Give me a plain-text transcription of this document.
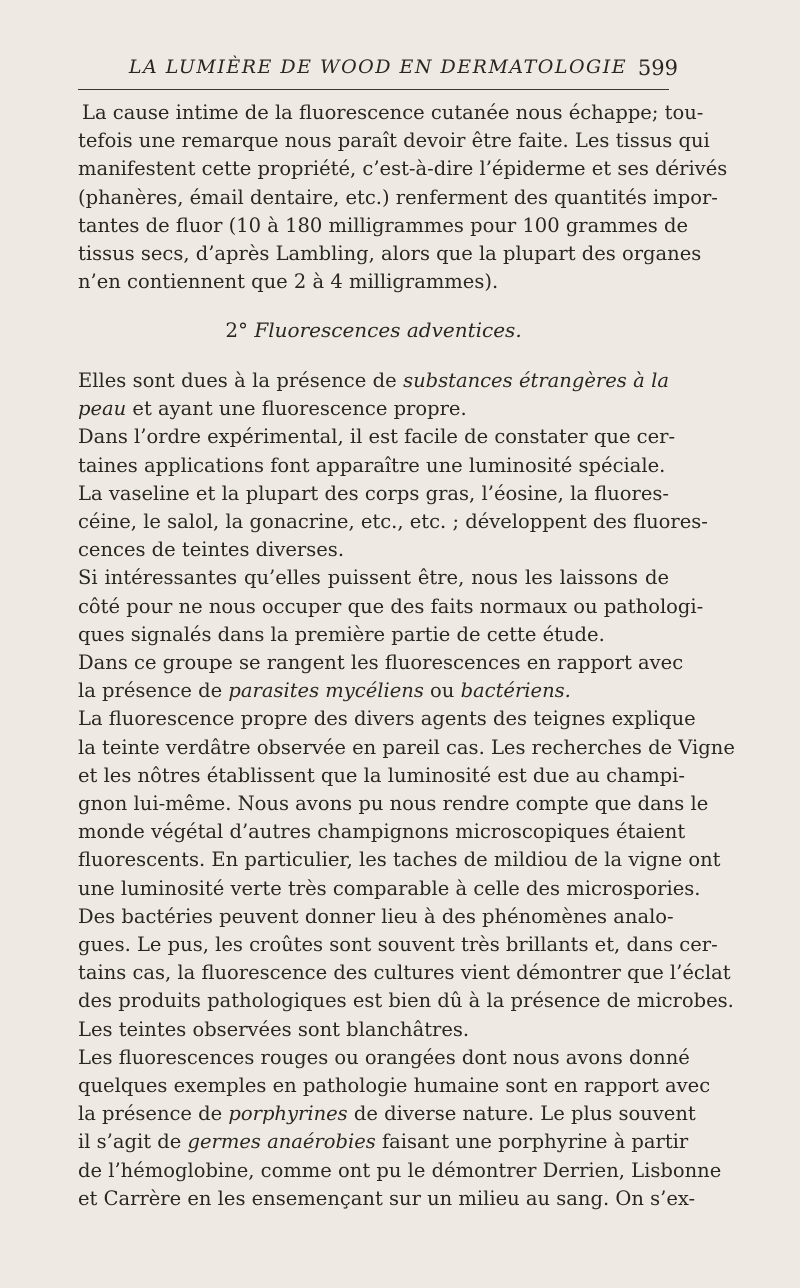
LA LUMIÈRE DE WOOD EN DERMATOLOGIE 599
La cause intime de la fluorescence cutanée nous échappe; tou-
tefois une remarque nous paraît devoir être faite. Les tissus qui
manifestent cette propriété, c’est-à-dire l’épiderme et ses dérivés
(phanères, émail dentaire, etc.) renferment des quantités impor-
tantes de fluor (10 à 180 milligrammes pour 100 grammes de
tissus secs, d’après Lambling, alors que la plupart des organes
n’en contiennent que 2 à 4 milligrammes).
2° Fluorescences adventices.
Elles sont dues à la présence de substances étrangères à la
peau et ayant une fluorescence propre.
Dans l’ordre expérimental, il est facile de constater que cer-
taines applications font apparaître une luminosité spéciale.
La vaseline et la plupart des corps gras, l’éosine, la fluores-
céine, le salol, la gonacrine, etc., etc. ; développent des fluores-
cences de teintes diverses.
Si intéressantes qu’elles puissent être, nous les laissons de
côté pour ne nous occuper que des faits normaux ou pathologi-
ques signalés dans la première partie de cette étude.
Dans ce groupe se rangent les fluorescences en rapport avec
la présence de parasites mycéliens ou bactériens.
La fluorescence propre des divers agents des teignes explique
la teinte verdâtre observée en pareil cas. Les recherches de Vigne
et les nôtres établissent que la luminosité est due au champi-
gnon lui-même. Nous avons pu nous rendre compte que dans le
monde végétal d’autres champignons microscopiques étaient
fluorescents. En particulier, les taches de mildiou de la vigne ont
une luminosité verte très comparable à celle des microspories.
Des bactéries peuvent donner lieu à des phénomènes analo-
gues. Le pus, les croûtes sont souvent très brillants et, dans cer-
tains cas, la fluorescence des cultures vient démontrer que l’éclat
des produits pathologiques est bien dû à la présence de microbes.
Les teintes observées sont blanchâtres.
Les fluorescences rouges ou orangées dont nous avons donné
quelques exemples en pathologie humaine sont en rapport avec
la présence de porphyrines de diverse nature. Le plus souvent
il s’agit de germes anaérobies faisant une porphyrine à partir
de l’hémoglobine, comme ont pu le démontrer Derrien, Lisbonne
et Carrère en les ensemençant sur un milieu au sang. On s’ex-
